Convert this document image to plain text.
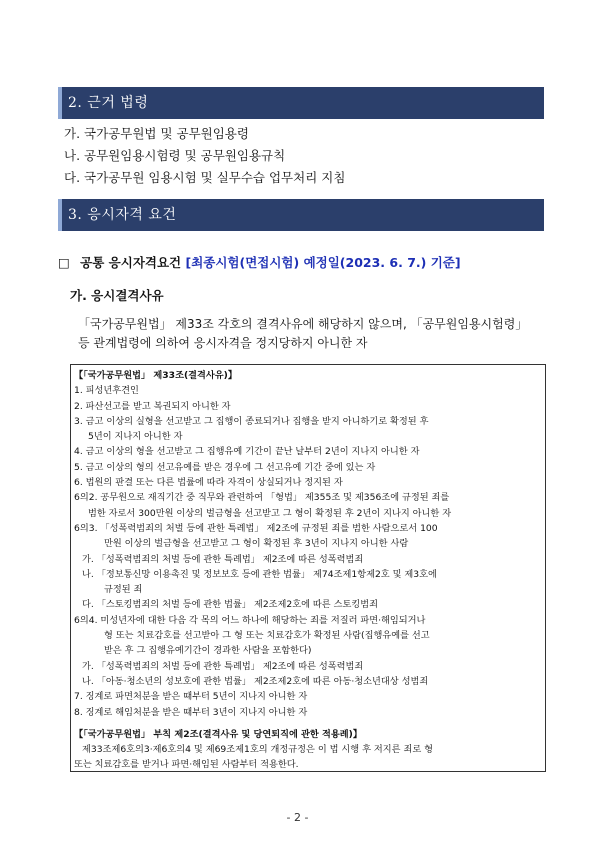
2. 근거 법령
가. 국가공무원법 및 공무원임용령
나. 공무원임용시험령 및 공무원임용규칙
다. 국가공무원 임용시험 및 실무수습 업무처리 지침
3. 응시자격 요건
□ 공통 응시자격요건 [최종시험(면접시험) 예정일(2023. 6. 7.) 기준]
가. 응시결격사유
「국가공무원법」 제33조 각호의 결격사유에 해당하지 않으며, 「공무원임용시험령」
등 관계법령에 의하여 응시자격을 정지당하지 아니한 자
【「국가공무원법」 제33조(결격사유)】
1. 피성년후견인
2. 파산선고를 받고 복권되지 아니한 자
3. 금고 이상의 실형을 선고받고 그 집행이 종료되거나 집행을 받지 아니하기로 확정된 후
5년이 지나지 아니한 자
4. 금고 이상의 형을 선고받고 그 집행유예 기간이 끝난 날부터 2년이 지나지 아니한 자
5. 금고 이상의 형의 선고유예를 받은 경우에 그 선고유예 기간 중에 있는 자
6. 법원의 판결 또는 다른 법률에 따라 자격이 상실되거나 정지된 자
6의2. 공무원으로 재직기간 중 직무와 관련하여 「형법」 제355조 및 제356조에 규정된 죄를
범한 자로서 300만원 이상의 벌금형을 선고받고 그 형이 확정된 후 2년이 지나지 아니한 자
6의3. 「성폭력범죄의 처벌 등에 관한 특례법」 제2조에 규정된 죄를 범한 사람으로서 100
만원 이상의 벌금형을 선고받고 그 형이 확정된 후 3년이 지나지 아니한 사람
가. 「성폭력범죄의 처벌 등에 관한 특례법」 제2조에 따른 성폭력범죄
나. 「정보통신망 이용촉진 및 정보보호 등에 관한 법률」 제74조제1항제2호 및 제3호에
규정된 죄
다. 「스토킹범죄의 처벌 등에 관한 법률」 제2조제2호에 따른 스토킹범죄
6의4. 미성년자에 대한 다음 각 목의 어느 하나에 해당하는 죄를 저질러 파면·해임되거나
형 또는 치료감호를 선고받아 그 형 또는 치료감호가 확정된 사람(집행유예를 선고
받은 후 그 집행유예기간이 경과한 사람을 포함한다)
가. 「성폭력범죄의 처벌 등에 관한 특례법」 제2조에 따른 성폭력범죄
나. 「아동·청소년의 성보호에 관한 법률」 제2조제2호에 따른 아동·청소년대상 성범죄
7. 징계로 파면처분을 받은 때부터 5년이 지나지 아니한 자
8. 징계로 해임처분을 받은 때부터 3년이 지나지 아니한 자
【「국가공무원법」 부칙 제2조(결격사유 및 당연퇴직에 관한 적용례)】
제33조제6호의3·제6호의4 및 제69조제1호의 개정규정은 이 법 시행 후 저지른 죄로 형
또는 치료감호를 받거나 파면·해임된 사람부터 적용한다.
- 2 -
